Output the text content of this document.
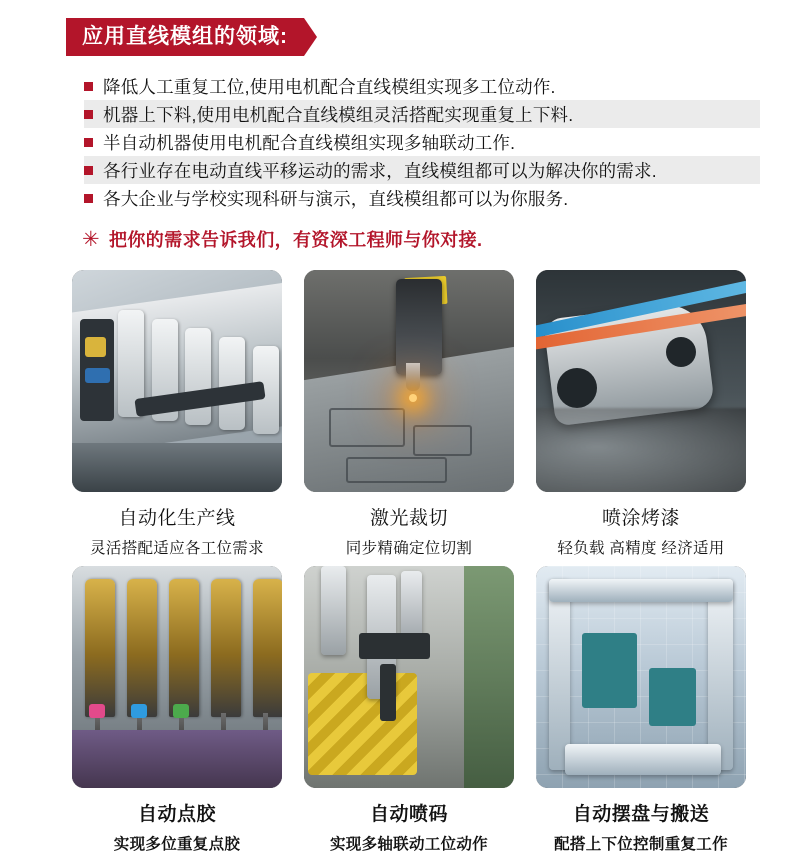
应用直线模组的领域:
降低人工重复工位,使用电机配合直线模组实现多工位动作.
机器上下料,使用电机配合直线模组灵活搭配实现重复上下料.
半自动机器使用电机配合直线模组实现多轴联动工作.
各行业存在电动直线平移运动的需求，直线模组都可以为解决你的需求.
各大企业与学校实现科研与演示，直线模组都可以为你服务.
✳ 把你的需求告诉我们，有资深工程师与你对接.
自动化生产线
灵活搭配适应各工位需求
激光裁切
同步精确定位切割
喷涂烤漆
轻负载 高精度 经济适用
自动点胶
实现多位重复点胶
自动喷码
实现多轴联动工位动作
自动摆盘与搬送
配搭上下位控制重复工作
